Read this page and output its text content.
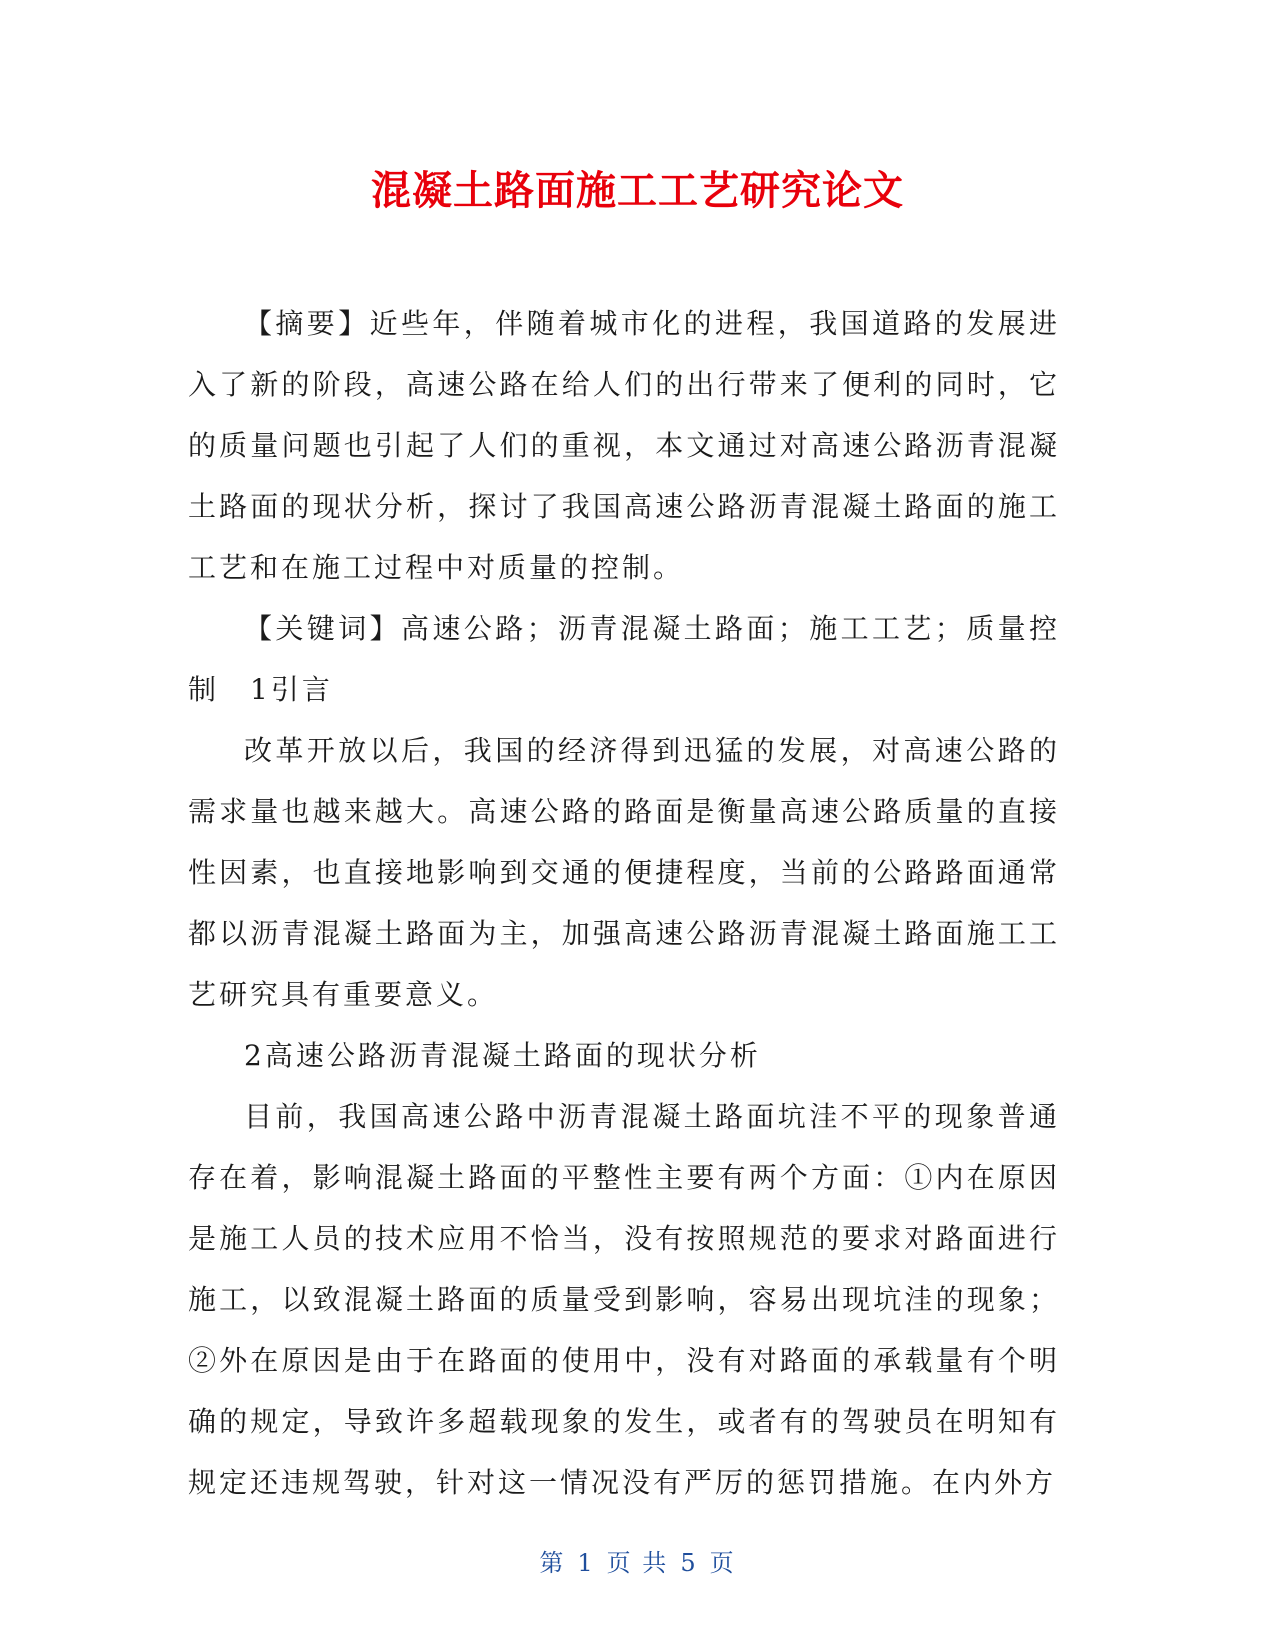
混凝土路面施工工艺研究论文

【摘要】近些年，伴随着城市化的进程，我国道路的发展进入了新的阶段，高速公路在给人们的出行带来了便利的同时，它的质量问题也引起了人们的重视，本文通过对高速公路沥青混凝土路面的现状分析，探讨了我国高速公路沥青混凝土路面的施工工艺和在施工过程中对质量的控制。

【关键词】高速公路；沥青混凝土路面；施工工艺；质量控制　1引言

改革开放以后，我国的经济得到迅猛的发展，对高速公路的需求量也越来越大。高速公路的路面是衡量高速公路质量的直接性因素，也直接地影响到交通的便捷程度，当前的公路路面通常都以沥青混凝土路面为主，加强高速公路沥青混凝土路面施工工艺研究具有重要意义。

2高速公路沥青混凝土路面的现状分析

目前，我国高速公路中沥青混凝土路面坑洼不平的现象普通存在着，影响混凝土路面的平整性主要有两个方面：①内在原因是施工人员的技术应用不恰当，没有按照规范的要求对路面进行施工，以致混凝土路面的质量受到影响，容易出现坑洼的现象；②外在原因是由于在路面的使用中，没有对路面的承载量有个明确的规定，导致许多超载现象的发生，或者有的驾驶员在明知有规定还违规驾驶，针对这一情况没有严厉的惩罚措施。在内外方

第 1 页 共 5 页
